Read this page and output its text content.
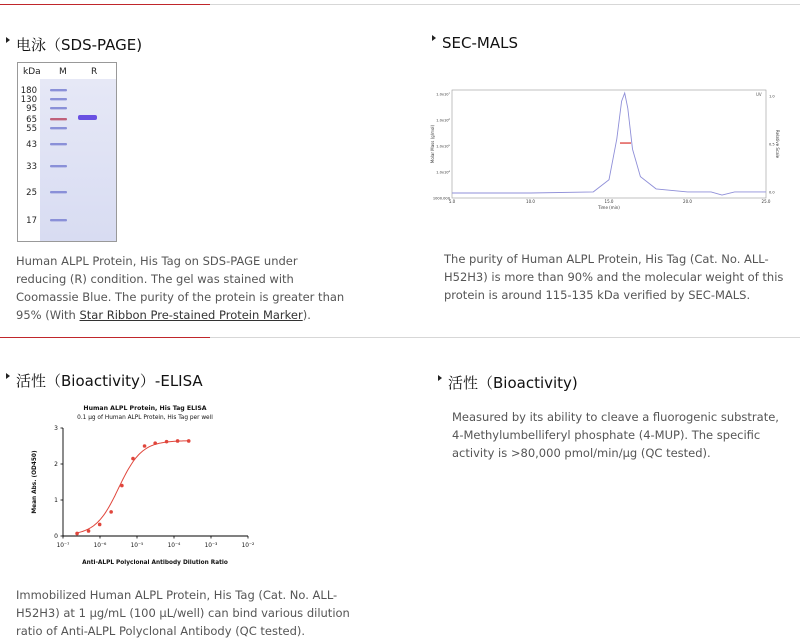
电泳（SDS-PAGE)
kDa M	R
180
130
95
65
55
43
33
25
17
Human ALPL Protein, His Tag on SDS-PAGE under reducing (R) condition. The gel was stained with Coomassie Blue. The purity of the protein is greater than 95% (With Star Ribbon Pre-stained Protein Marker).
SEC-MALS
UV
5.0	10.0	15.0	20.0	25.0
1.0x10⁷
1.0x10⁶
1.0x10⁵
1.0x10⁴
1000.000
1.0
0.5
0.0
Time (min)
Molar Mass (g/mol)	Relative Scale
The purity of Human ALPL Protein, His Tag (Cat. No. ALL-H52H3) is more than 90% and the molecular weight of this protein is around 115-135 kDa verified by SEC-MALS.
活性（Bioactivity）-ELISA
Human ALPL Protein, His Tag ELISA
0.1 μg of Human ALPL Protein, His Tag per well
10⁻⁷	10⁻⁶	10⁻⁵	10⁻⁴	10⁻³	10⁻²
0
1
2
3
Anti-ALPL Polyclonal Antibody Dilution Ratio
Mean Abs. (OD450)
Immobilized Human ALPL Protein, His Tag (Cat. No. ALL-H52H3) at 1 μg/mL (100 μL/well) can bind various dilution ratio of Anti-ALPL Polyclonal Antibody (QC tested).
活性（Bioactivity)
Measured by its ability to cleave a fluorogenic substrate, 4-Methylumbelliferyl phosphate (4-MUP). The specific activity is >80,000 pmol/min/μg (QC tested).
